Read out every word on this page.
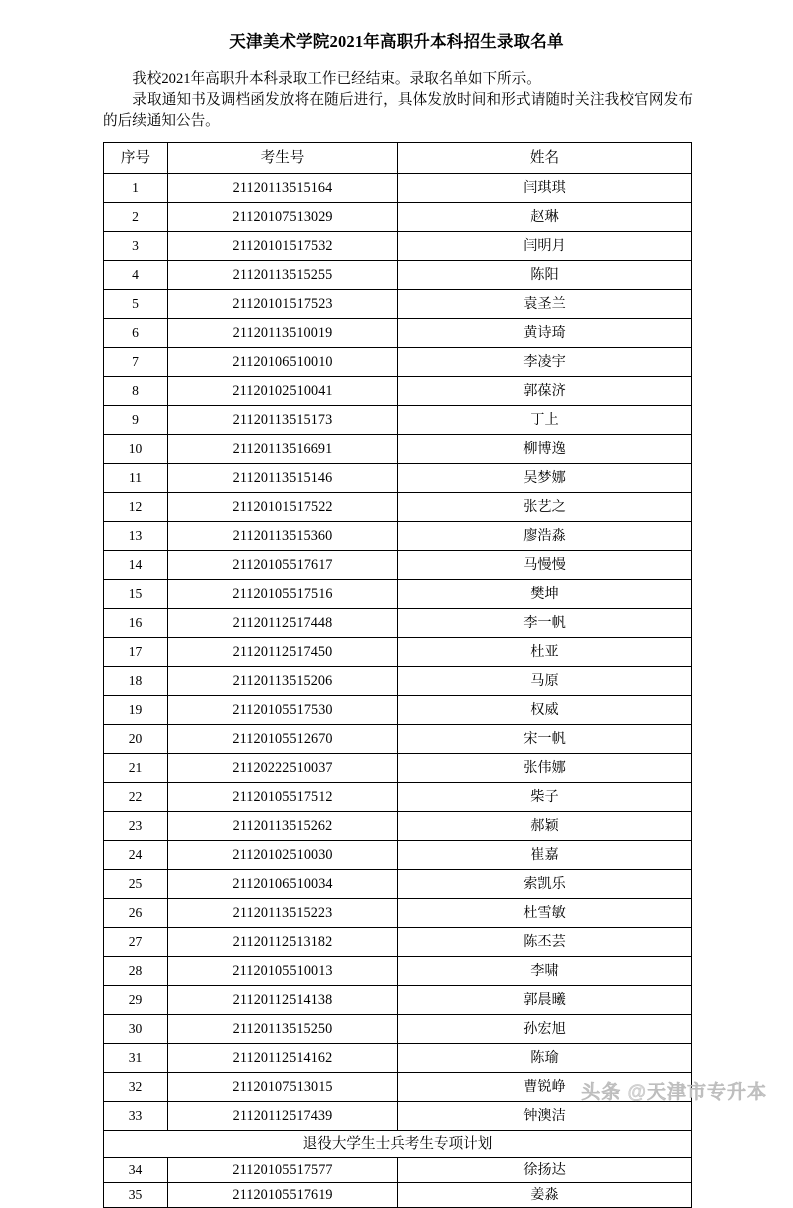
天津美术学院2021年高职升本科招生录取名单

我校2021年高职升本科录取工作已经结束。录取名单如下所示。

录取通知书及调档函发放将在随后进行，具体发放时间和形式请随时关注我校官网发布的后续通知公告。

序号	考生号	姓名
1	21120113515164	闫琪琪
2	21120107513029	赵琳
3	21120101517532	闫明月
4	21120113515255	陈阳
5	21120101517523	袁圣兰
6	21120113510019	黄诗琦
7	21120106510010	李凌宇
8	21120102510041	郭葆济
9	21120113515173	丁上
10	21120113516691	柳博逸
11	21120113515146	吴梦娜
12	21120101517522	张艺之
13	21120113515360	廖浩淼
14	21120105517617	马慢慢
15	21120105517516	樊坤
16	21120112517448	李一帆
17	21120112517450	杜亚
18	21120113515206	马原
19	21120105517530	权威
20	21120105512670	宋一帆
21	21120222510037	张伟娜
22	21120105517512	柴子
23	21120113515262	郝颖
24	21120102510030	崔嘉
25	21120106510034	索凯乐
26	21120113515223	杜雪敏
27	21120112513182	陈丕芸
28	21120105510013	李啸
29	21120112514138	郭晨曦
30	21120113515250	孙宏旭
31	21120112514162	陈瑜
32	21120107513015	曹锐峥
33	21120112517439	钟澳洁
退役大学生士兵考生专项计划		
34	21120105517577	徐扬达
35	21120105517619	姜淼
头条 @天津市专升本
